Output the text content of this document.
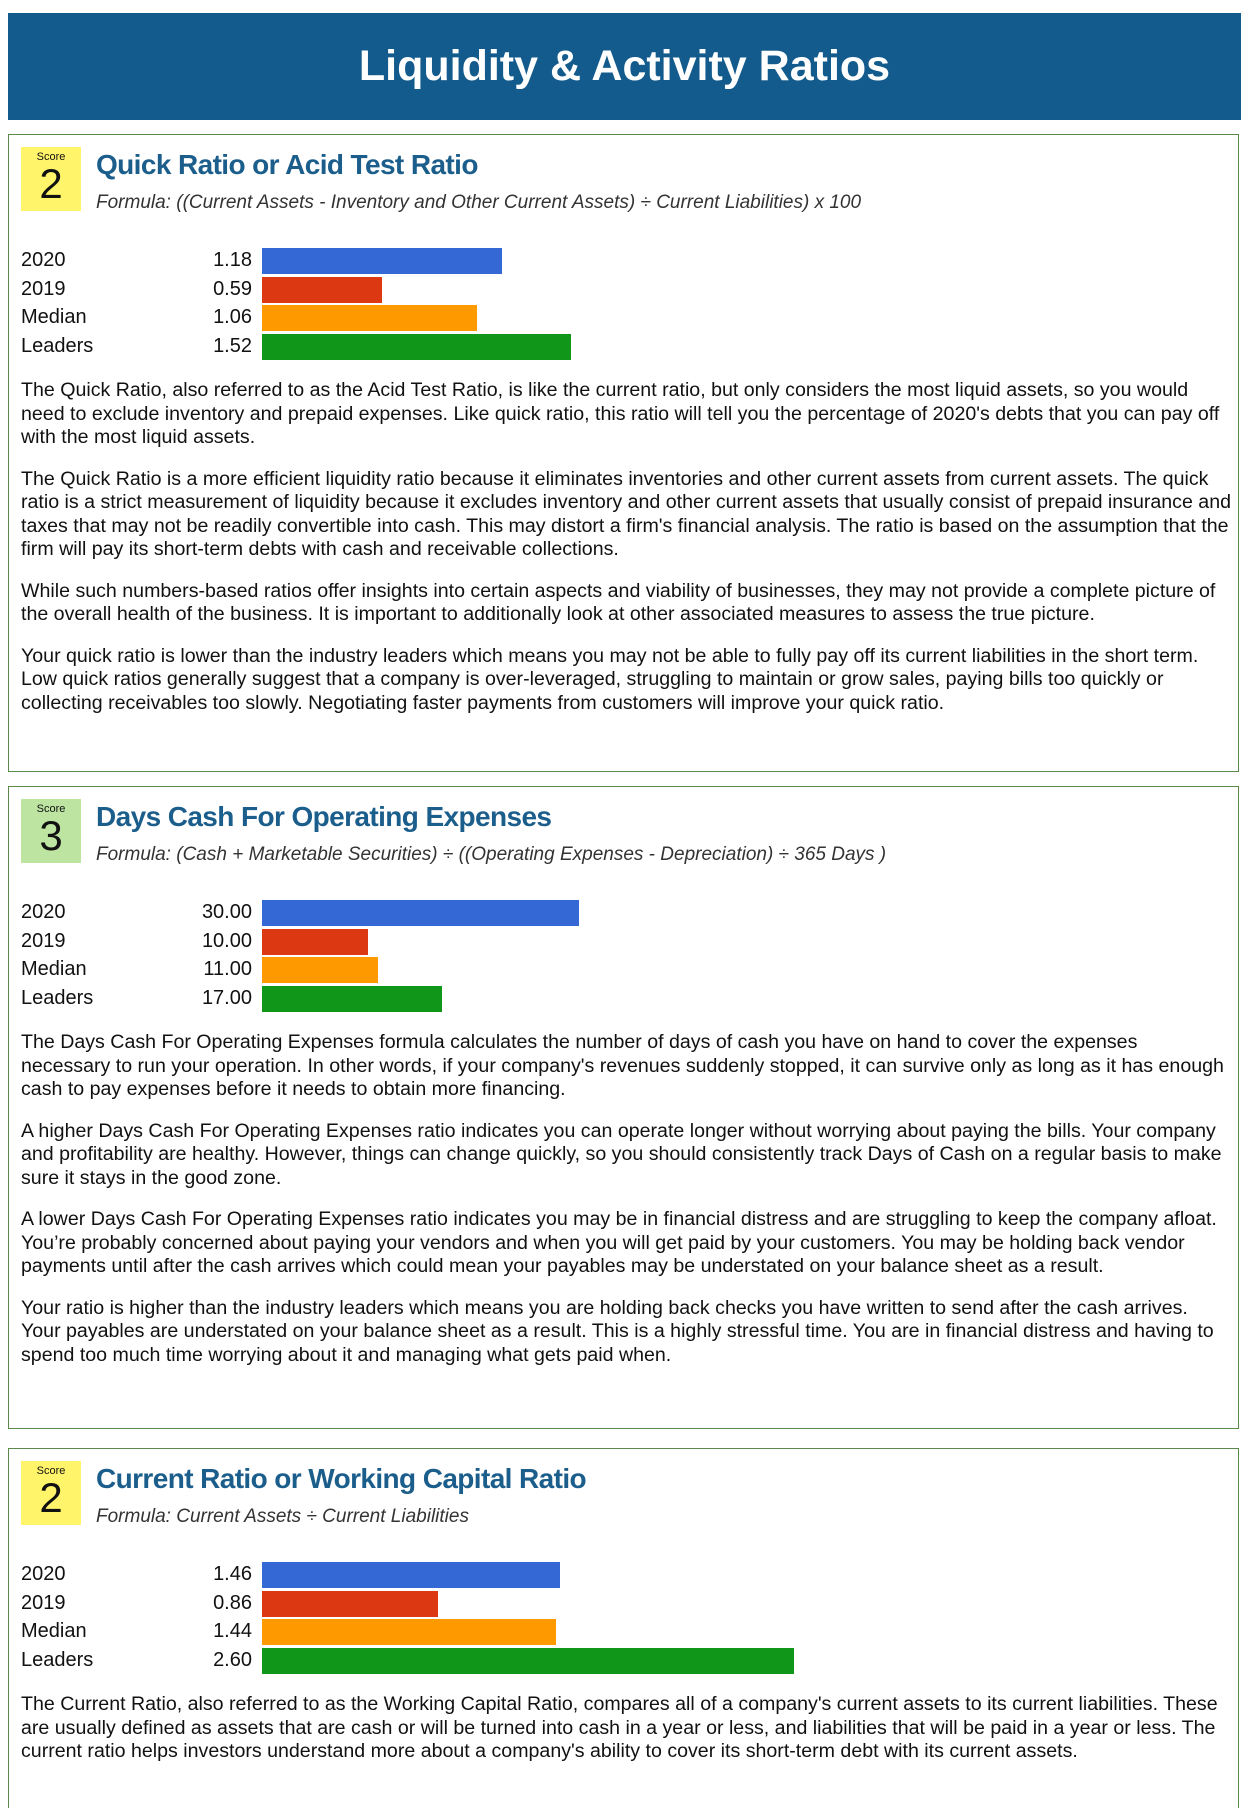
Liquidity & Activity Ratios
Score
2	Quick Ratio or Acid Test Ratio
Formula: ((Current Assets - Inventory and Other Current Assets) ÷ Current Liabilities) x 100
2020	1.18
2019	0.59
Median	1.06
Leaders	1.52

The Quick Ratio, also referred to as the Acid Test Ratio, is like the current ratio, but only considers the most liquid assets, so you would need to exclude inventory and prepaid expenses. Like quick ratio, this ratio will tell you the percentage of 2020's debts that you can pay off with the most liquid assets.

The Quick Ratio is a more efficient liquidity ratio because it eliminates inventories and other current assets from current assets. The quick ratio is a strict measurement of liquidity because it excludes inventory and other current assets that usually consist of prepaid insurance and taxes that may not be readily convertible into cash. This may distort a firm's financial analysis. The ratio is based on the assumption that the firm will pay its short-term debts with cash and receivable collections.

While such numbers-based ratios offer insights into certain aspects and viability of businesses, they may not provide a complete picture of the overall health of the business. It is important to additionally look at other associated measures to assess the true picture.

Your quick ratio is lower than the industry leaders which means you may not be able to fully pay off its current liabilities in the short term. Low quick ratios generally suggest that a company is over-leveraged, struggling to maintain or grow sales, paying bills too quickly or collecting receivables too slowly. Negotiating faster payments from customers will improve your quick ratio.

Score
3	Days Cash For Operating Expenses
Formula: (Cash + Marketable Securities) ÷ ((Operating Expenses - Depreciation) ÷ 365 Days )
2020	30.00
2019	10.00
Median	11.00
Leaders	17.00

The Days Cash For Operating Expenses formula calculates the number of days of cash you have on hand to cover the expenses necessary to run your operation. In other words, if your company's revenues suddenly stopped, it can survive only as long as it has enough cash to pay expenses before it needs to obtain more financing.

A higher Days Cash For Operating Expenses ratio indicates you can operate longer without worrying about paying the bills. Your company and profitability are healthy. However, things can change quickly, so you should consistently track Days of Cash on a regular basis to make sure it stays in the good zone.

A lower Days Cash For Operating Expenses ratio indicates you may be in financial distress and are struggling to keep the company afloat. You’re probably concerned about paying your vendors and when you will get paid by your customers. You may be holding back vendor payments until after the cash arrives which could mean your payables may be understated on your balance sheet as a result.

Your ratio is higher than the industry leaders which means you are holding back checks you have written to send after the cash arrives. Your payables are understated on your balance sheet as a result. This is a highly stressful time. You are in financial distress and having to spend too much time worrying about it and managing what gets paid when.

Score
2	Current Ratio or Working Capital Ratio
Formula: Current Assets ÷ Current Liabilities
2020	1.46
2019	0.86
Median	1.44
Leaders	2.60

The Current Ratio, also referred to as the Working Capital Ratio, compares all of a company's current assets to its current liabilities. These are usually defined as assets that are cash or will be turned into cash in a year or less, and liabilities that will be paid in a year or less. The current ratio helps investors understand more about a company's ability to cover its short-term debt with its current assets.
